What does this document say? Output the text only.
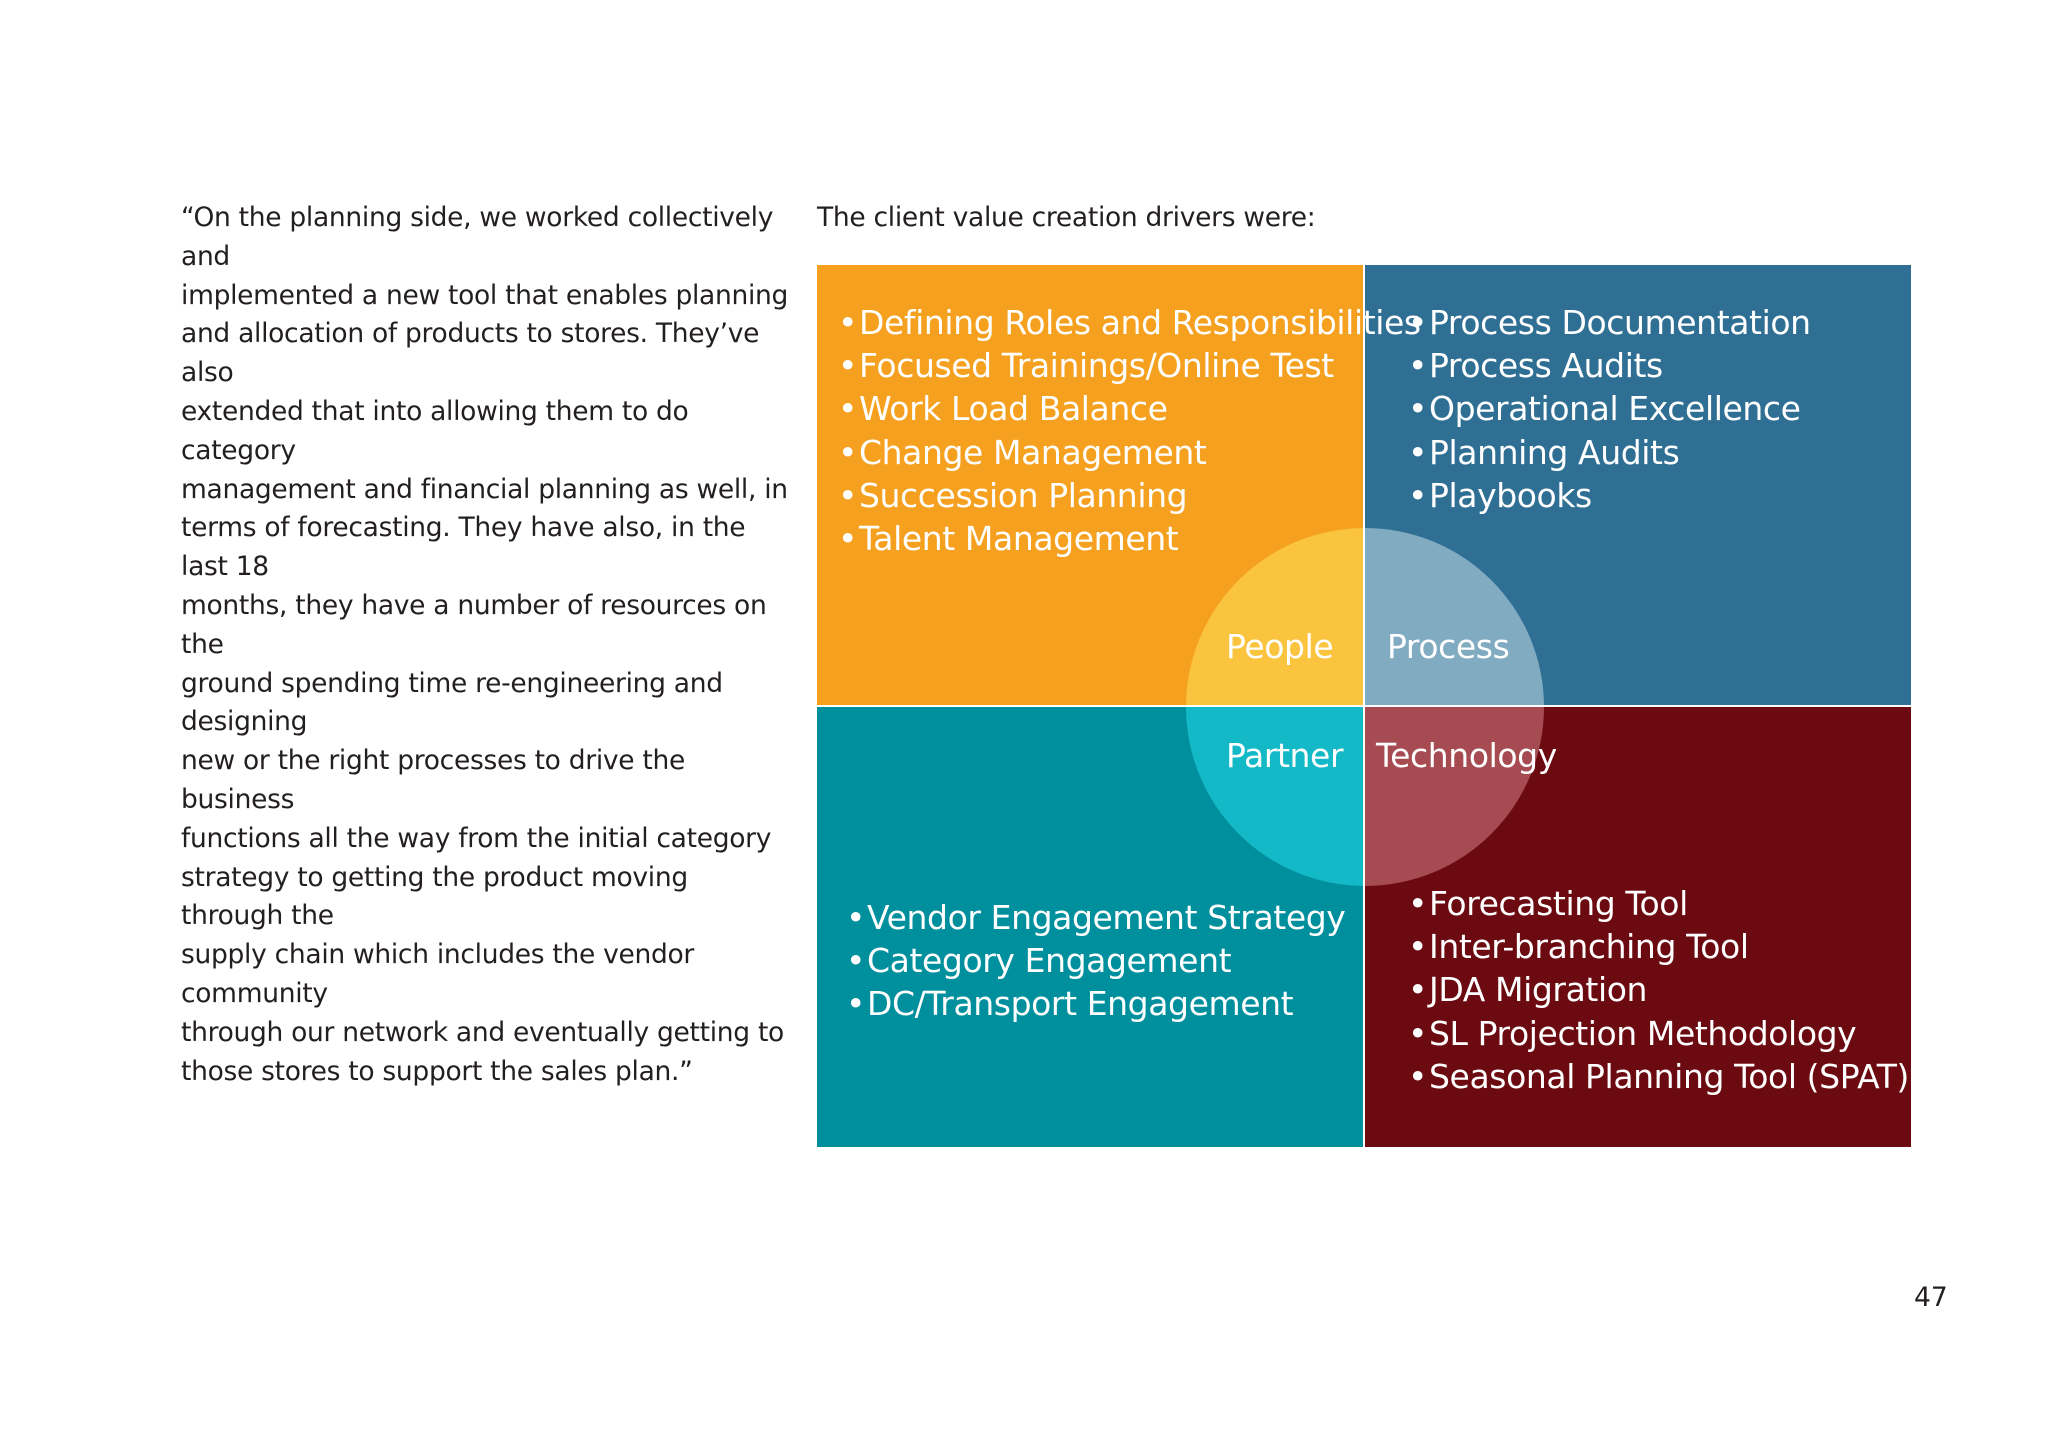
“On the planning side, we worked collectively and
implemented a new tool that enables planning
and allocation of products to stores. They’ve also
extended that into allowing them to do category
management and financial planning as well, in
terms of forecasting. They have also, in the last 18
months, they have a number of resources on the
ground spending time re-engineering and designing
new or the right processes to drive the business
functions all the way from the initial category
strategy to getting the product moving through the
supply chain which includes the vendor community
through our network and eventually getting to
those stores to support the sales plan.”

The client value creation drivers were:

• Defining Roles and Responsibilities
• Focused Trainings/Online Test
• Work Load Balance
• Change Management
• Succession Planning
• Talent Management
• Process Documentation
• Process Audits
• Operational Excellence
• Planning Audits
• Playbooks
• Vendor Engagement Strategy
• Category Engagement
• DC/Transport Engagement
• Forecasting Tool
• Inter-branching Tool
• JDA Migration
• SL Projection Methodology
• Seasonal Planning Tool (SPAT)
People Process
Partner Technology
47
